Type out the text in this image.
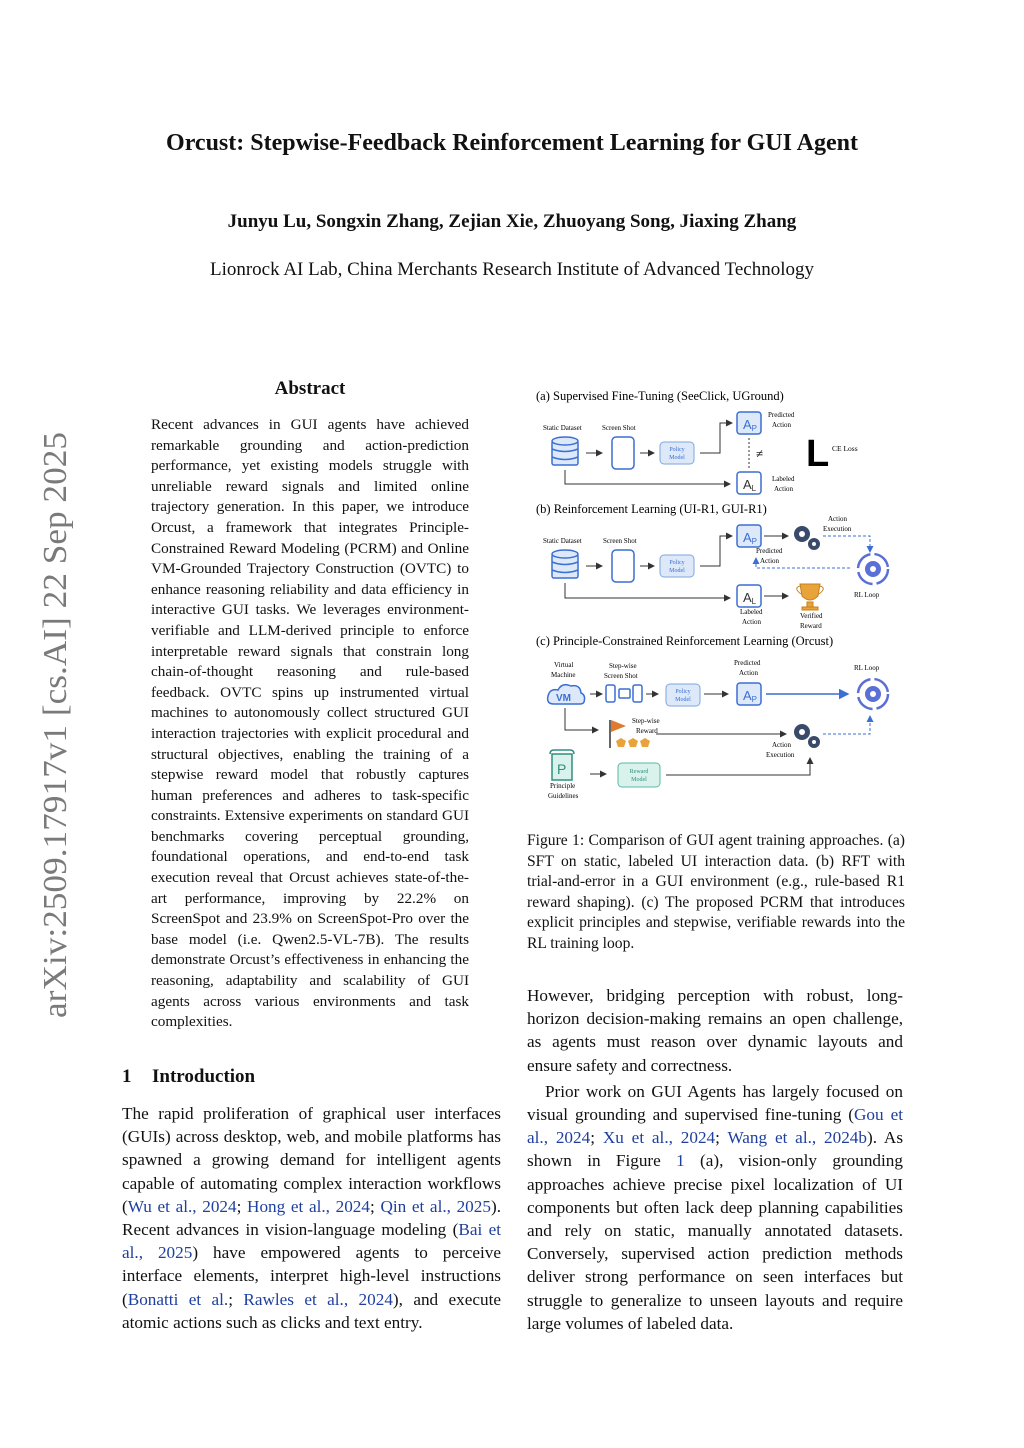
arXiv:2509.17917v1 [cs.AI] 22 Sep 2025
Orcust: Stepwise-Feedback Reinforcement Learning for GUI Agent
Junyu Lu, Songxin Zhang, Zejian Xie, Zhuoyang Song, Jiaxing Zhang
Lionrock AI Lab, China Merchants Research Institute of Advanced Technology
Abstract
Recent advances in GUI agents have achieved remarkable grounding and action-prediction performance, yet existing models struggle with unreliable reward signals and limited online trajectory generation. In this paper, we introduce Orcust, a framework that integrates Principle-Constrained Reward Modeling (PCRM) and Online VM-Grounded Trajectory Construction (OVTC) to enhance reasoning reliability and data efficiency in interactive GUI tasks. We leverages environment-verifiable and LLM-derived principle to enforce interpretable reward signals that constrain long chain-of-thought reasoning and rule-based feedback. OVTC spins up instrumented virtual machines to autonomously collect structured GUI interaction trajectories with explicit procedural and structural objectives, enabling the training of a stepwise reward model that robustly captures human preferences and adheres to task-specific constraints. Extensive experiments on standard GUI benchmarks covering perceptual grounding, foundational operations, and end-to-end task execution reveal that Orcust achieves state-of-the-art performance, improving by 22.2% on ScreenSpot and 23.9% on ScreenSpot-Pro over the base model (i.e. Qwen2.5-VL-7B). The results demonstrate Orcust’s effectiveness in enhancing the reasoning, adaptability and scalability of GUI agents across various environments and task complexities.
1 Introduction
The rapid proliferation of graphical user interfaces (GUIs) across desktop, web, and mobile platforms has spawned a growing demand for intelligent agents capable of automating complex interaction workflows (Wu et al., 2024; Hong et al., 2024; Qin et al., 2025). Recent advances in vision-language modeling (Bai et al., 2025) have empowered agents to perceive interface elements, interpret high-level instructions (Bonatti et al.; Rawles et al., 2024), and execute atomic actions such as clicks and text entry.

However, bridging perception with robust, long-horizon decision-making remains an open challenge, as agents must reason over dynamic layouts and ensure safety and correctness.

Prior work on GUI Agents has largely focused on visual grounding and supervised fine-tuning (Gou et al., 2024; Xu et al., 2024; Wang et al., 2024b). As shown in Figure 1 (a), vision-only grounding approaches achieve precise pixel localization of UI components but often lack deep planning capabilities and rely on static, manually annotated datasets. Conversely, supervised action prediction methods deliver strong performance on seen interfaces but struggle to generalize to unseen layouts and require large volumes of labeled data.

(a) Supervised Fine-Tuning (SeeClick, UGround)
Static Dataset	Screen Shot
Policy
Model
AP
Predicted
Action
≠
AL
Labeled
Action
L CE Loss
(b) Reinforcement Learning (UI-R1, GUI-R1)
Static Dataset	Screen Shot
Policy
Model
AP
Predicted
Action
Action
Execution
RL Loop
AL
Labeled
Action
Verified
Reward
(c) Principle-Constrained Reinforcement Learning (Orcust)
Virtual
Machine
Step-wise
Screen Shot
VM
Policy
Model	AP
Predicted
Action
RL Loop
Step-wise
Reward
Action
Execution
P
Principle
Guidelines
Reward
Model
Figure 1: Comparison of GUI agent training approaches. (a) SFT on static, labeled UI interaction data. (b) RFT with trial-and-error in a GUI environment (e.g., rule-based R1 reward shaping). (c) The proposed PCRM that introduces explicit principles and stepwise, verifiable rewards into the RL training loop.
